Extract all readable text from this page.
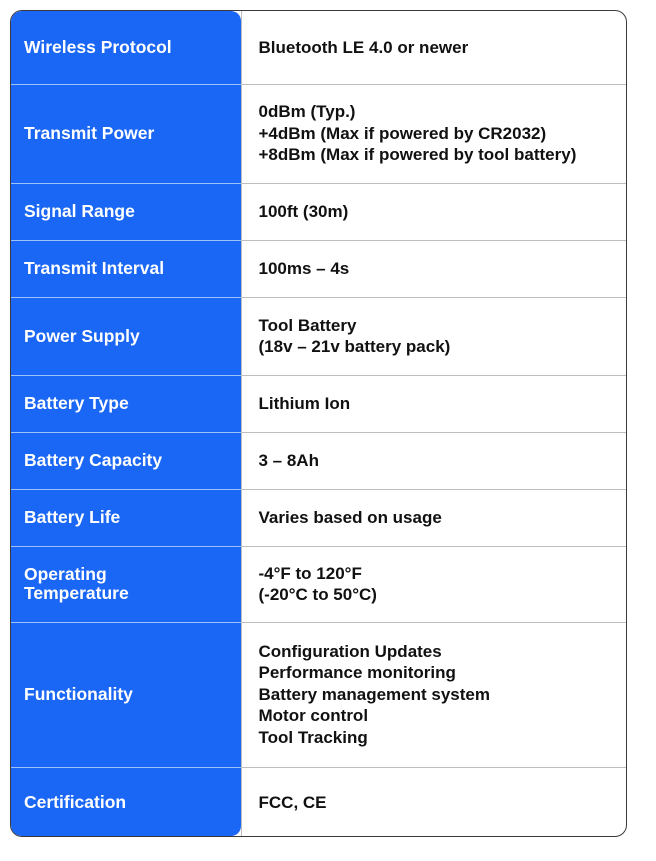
Wireless Protocol	Bluetooth LE 4.0 or newer

Transmit Power	0dBm (Typ.)
+4dBm (Max if powered by CR2032)
+8dBm (Max if powered by tool battery)

Signal Range	100ft (30m)

Transmit Interval	100ms – 4s

Power Supply	Tool Battery
(18v – 21v battery pack)

Battery Type	Lithium Ion

Battery Capacity	3 – 8Ah

Battery Life	Varies based on usage

Operating
Temperature	-4°F to 120°F
(-20°C to 50°C)

Functionality	Configuration Updates
Performance monitoring
Battery management system
Motor control
Tool Tracking

Certification	FCC, CE
